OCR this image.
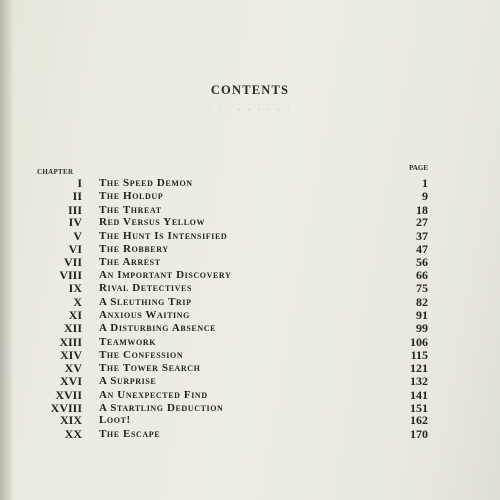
CONTENTS
· · · · · · · · ·
CHAPTER	PAGE
I The Speed Demon	1
II The Holdup	9
III The Threat	18
IV Red Versus Yellow	27
V The Hunt Is Intensified	37
VI The Robbery	47
VII The Arrest	56
VIII An Important Discovery	66
IX Rival Detectives	75
X A Sleuthing Trip	82
XI Anxious Waiting	91
XII A Disturbing Absence	99
XIII Teamwork	106
XIV The Confession	115
XV The Tower Search	121
XVI A Surprise	132
XVII An Unexpected Find	141
XVIII A Startling Deduction	151
XIX Loot!	162
XX The Escape	170
